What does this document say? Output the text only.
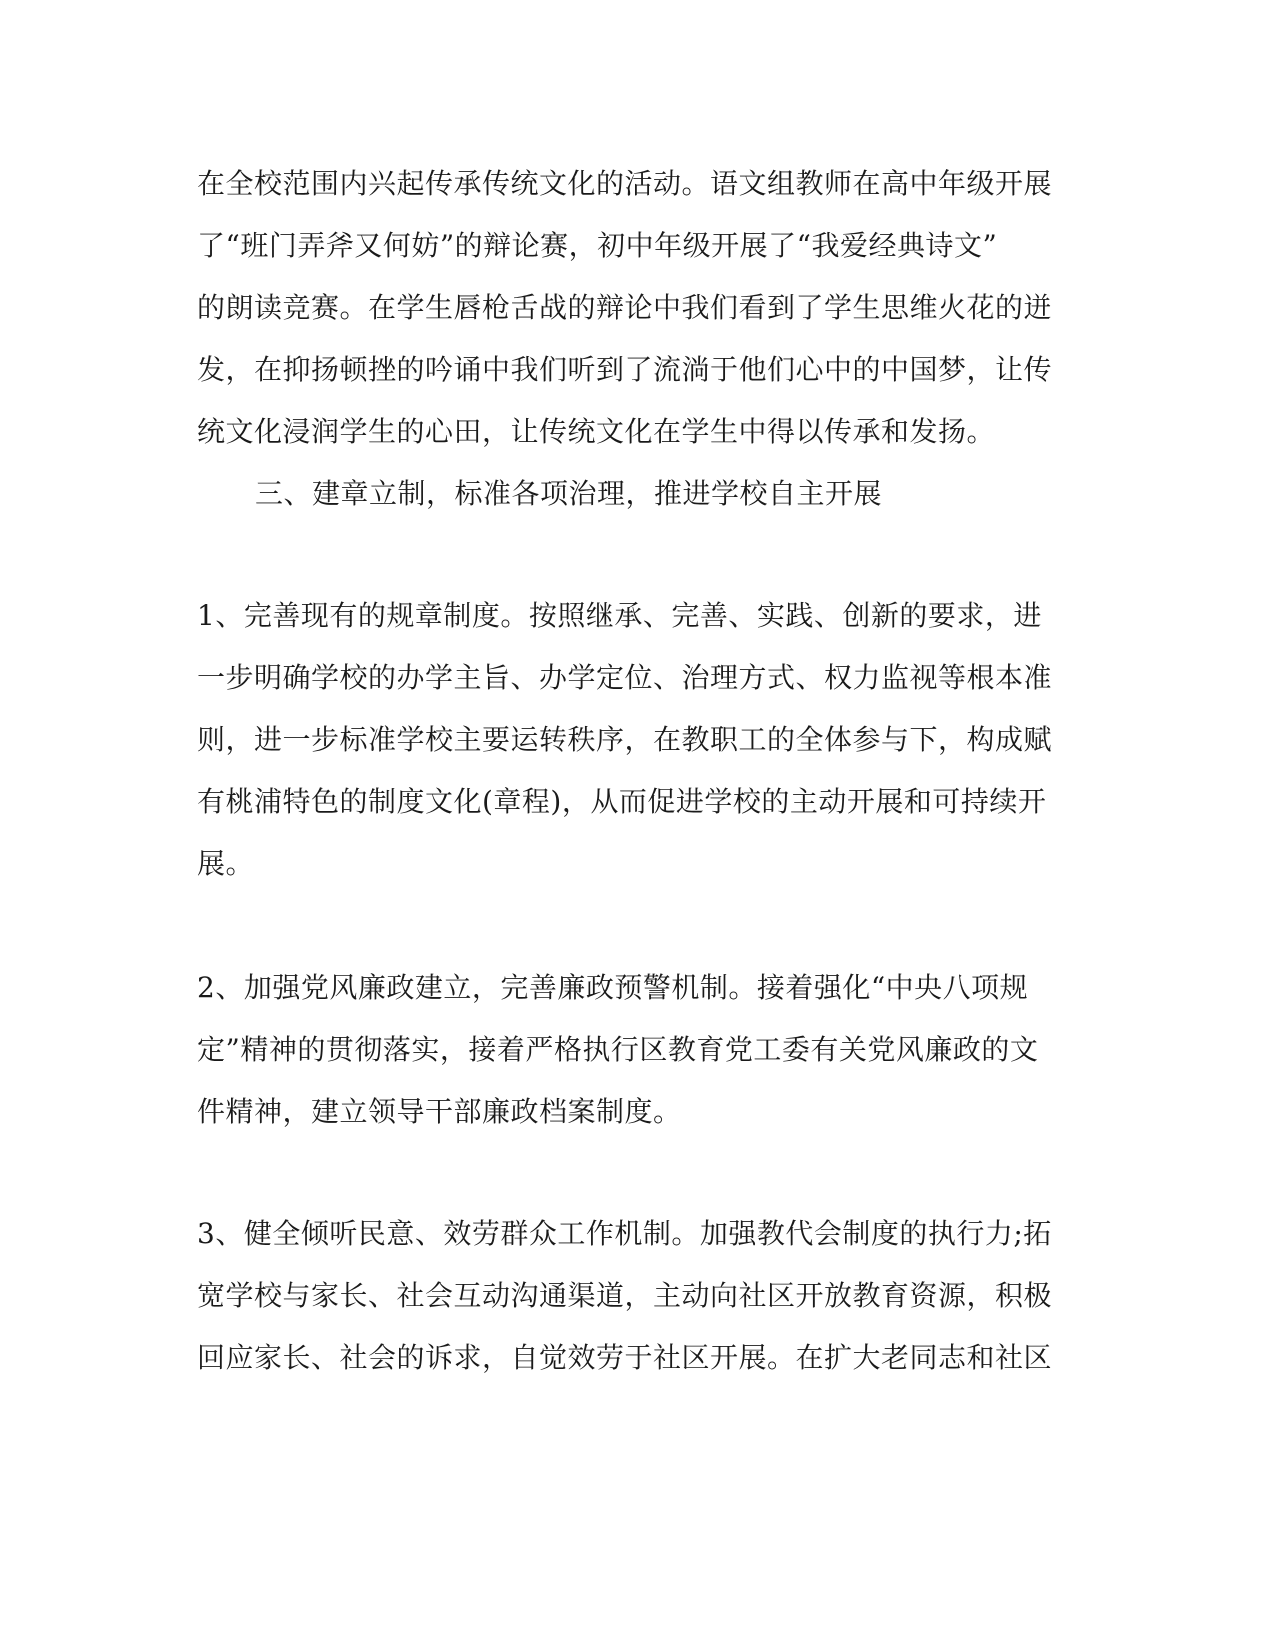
在全校范围内兴起传承传统文化的活动。语文组教师在高中年级开展

了“班门弄斧又何妨”的辩论赛，初中年级开展了“我爱经典诗文”

的朗读竞赛。在学生唇枪舌战的辩论中我们看到了学生思维火花的迸

发，在抑扬顿挫的吟诵中我们听到了流淌于他们心中的中国梦，让传

统文化浸润学生的心田，让传统文化在学生中得以传承和发扬。

三、建章立制，标准各项治理，推进学校自主开展

1、完善现有的规章制度。按照继承、完善、实践、创新的要求，进

一步明确学校的办学主旨、办学定位、治理方式、权力监视等根本准

则，进一步标准学校主要运转秩序，在教职工的全体参与下，构成赋

有桃浦特色的制度文化(章程)，从而促进学校的主动开展和可持续开

展。

2、加强党风廉政建立，完善廉政预警机制。接着强化“中央八项规

定”精神的贯彻落实，接着严格执行区教育党工委有关党风廉政的文

件精神，建立领导干部廉政档案制度。

3、健全倾听民意、效劳群众工作机制。加强教代会制度的执行力;拓

宽学校与家长、社会互动沟通渠道，主动向社区开放教育资源，积极

回应家长、社会的诉求，自觉效劳于社区开展。在扩大老同志和社区
